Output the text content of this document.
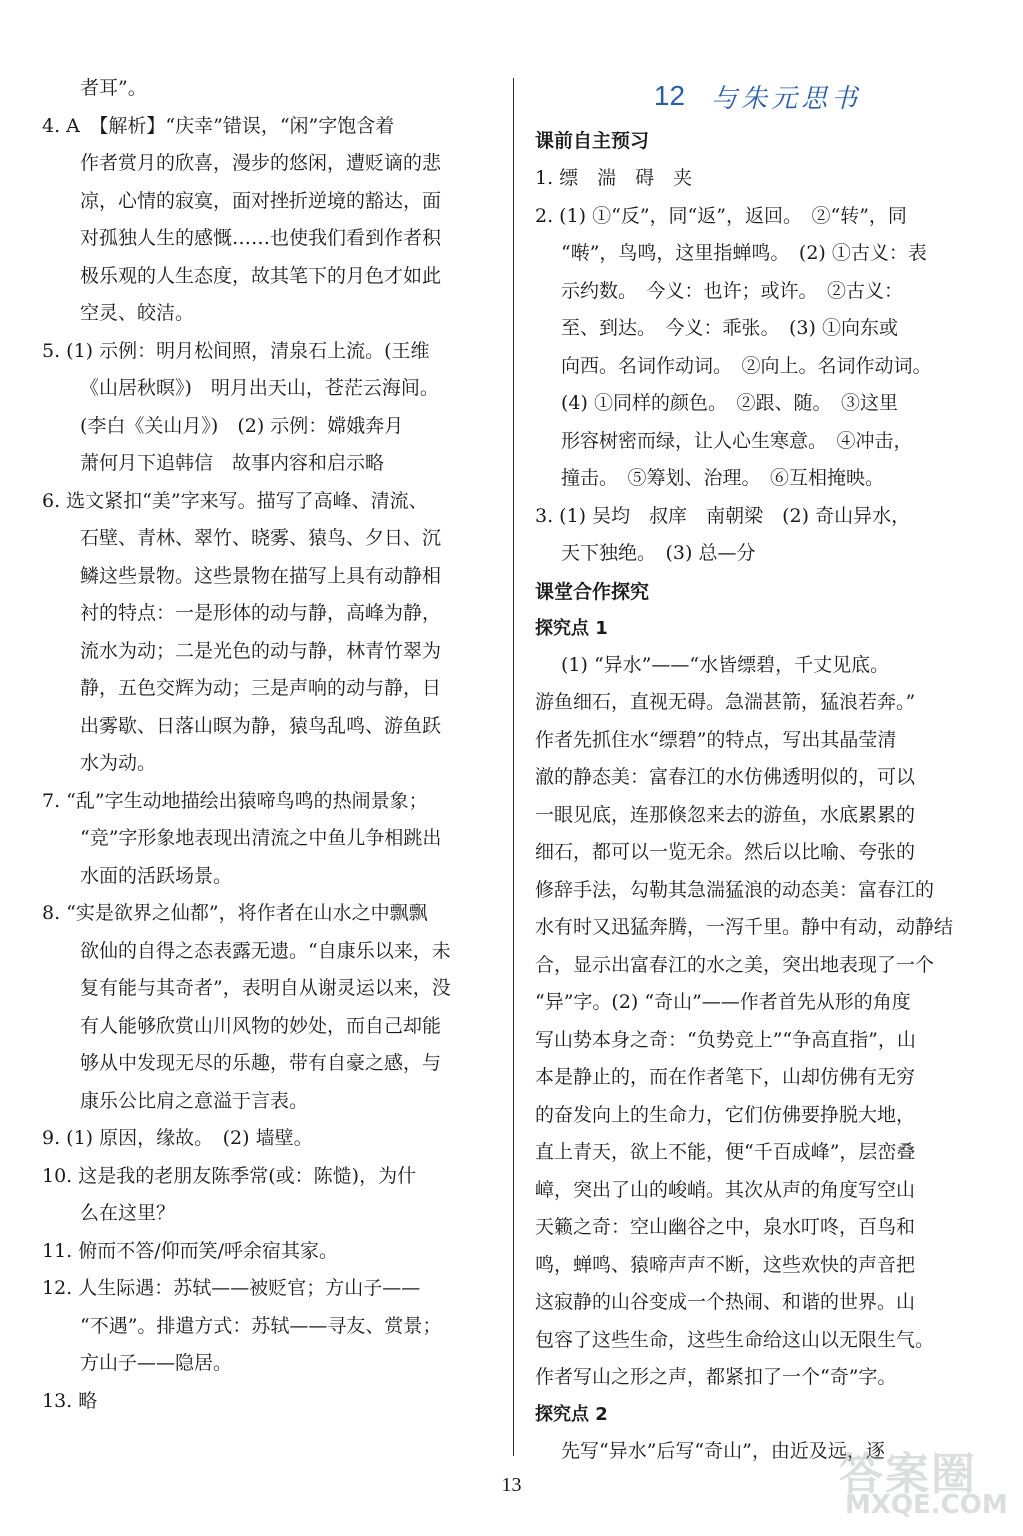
者耳”。

4. A　【解析】“庆幸”错误，“闲”字饱含着

作者赏月的欣喜，漫步的悠闲，遭贬谪的悲

凉，心情的寂寞，面对挫折逆境的豁达，面

对孤独人生的感慨……也使我们看到作者积

极乐观的人生态度，故其笔下的月色才如此

空灵、皎洁。

5. (1) 示例：明月松间照，清泉石上流。(王维

《山居秋暝》)　明月出天山，苍茫云海间。

(李白《关山月》)　(2) 示例：嫦娥奔月

萧何月下追韩信　故事内容和启示略

6. 选文紧扣“美”字来写。描写了高峰、清流、

石壁、青林、翠竹、晓雾、猿鸟、夕日、沉

鳞这些景物。这些景物在描写上具有动静相

衬的特点：一是形体的动与静，高峰为静，

流水为动；二是光色的动与静，林青竹翠为

静，五色交辉为动；三是声响的动与静，日

出雾歇、日落山暝为静，猿鸟乱鸣、游鱼跃

水为动。

7. “乱”字生动地描绘出猿啼鸟鸣的热闹景象；

“竞”字形象地表现出清流之中鱼儿争相跳出

水面的活跃场景。

8. “实是欲界之仙都”，将作者在山水之中飘飘

欲仙的自得之态表露无遗。“自康乐以来，未

复有能与其奇者”，表明自从谢灵运以来，没

有人能够欣赏山川风物的妙处，而自己却能

够从中发现无尽的乐趣，带有自豪之感，与

康乐公比肩之意溢于言表。

9. (1) 原因，缘故。　(2) 墙壁。

10. 这是我的老朋友陈季常(或：陈慥)，为什

么在这里？

11. 俯而不答/仰而笑/呼余宿其家。

12. 人生际遇：苏轼——被贬官；方山子——

“不遇”。排遣方式：苏轼——寻友、赏景；

方山子——隐居。

13. 略

12 与朱元思书

课前自主预习

1. 缥　湍　碍　夹

2. (1) ①“反”，同“返”，返回。　②“转”，同

“啭”，鸟鸣，这里指蝉鸣。　(2) ①古义：表

示约数。　今义：也许；或许。　②古义：

至、到达。　今义：乖张。　(3) ①向东或

向西。名词作动词。　②向上。名词作动词。

(4) ①同样的颜色。　②跟、随。　③这里

形容树密而绿，让人心生寒意。　④冲击，

撞击。　⑤筹划、治理。　⑥互相掩映。

3. (1) 吴均　叔庠　南朝梁　(2) 奇山异水，

天下独绝。　(3) 总—分

课堂合作探究

探究点 1

(1) “异水”——“水皆缥碧，千丈见底。

游鱼细石，直视无碍。急湍甚箭，猛浪若奔。”

作者先抓住水“缥碧”的特点，写出其晶莹清

澈的静态美：富春江的水仿佛透明似的，可以

一眼见底，连那倏忽来去的游鱼，水底累累的

细石，都可以一览无余。然后以比喻、夸张的

修辞手法，勾勒其急湍猛浪的动态美：富春江的

水有时又迅猛奔腾，一泻千里。静中有动，动静结

合，显示出富春江的水之美，突出地表现了一个

“异”字。(2) “奇山”——作者首先从形的角度

写山势本身之奇：“负势竞上”“争高直指”，山

本是静止的，而在作者笔下，山却仿佛有无穷

的奋发向上的生命力，它们仿佛要挣脱大地，

直上青天，欲上不能，便“千百成峰”，层峦叠

嶂，突出了山的峻峭。其次从声的角度写空山

天籁之奇：空山幽谷之中，泉水叮咚，百鸟和

鸣，蝉鸣、猿啼声声不断，这些欢快的声音把

这寂静的山谷变成一个热闹、和谐的世界。山

包容了这些生命，这些生命给这山以无限生气。

作者写山之形之声，都紧扣了一个“奇”字。

探究点 2

先写“异水”后写“奇山”，由近及远，逐

13	答案圈
MXQE.COM
